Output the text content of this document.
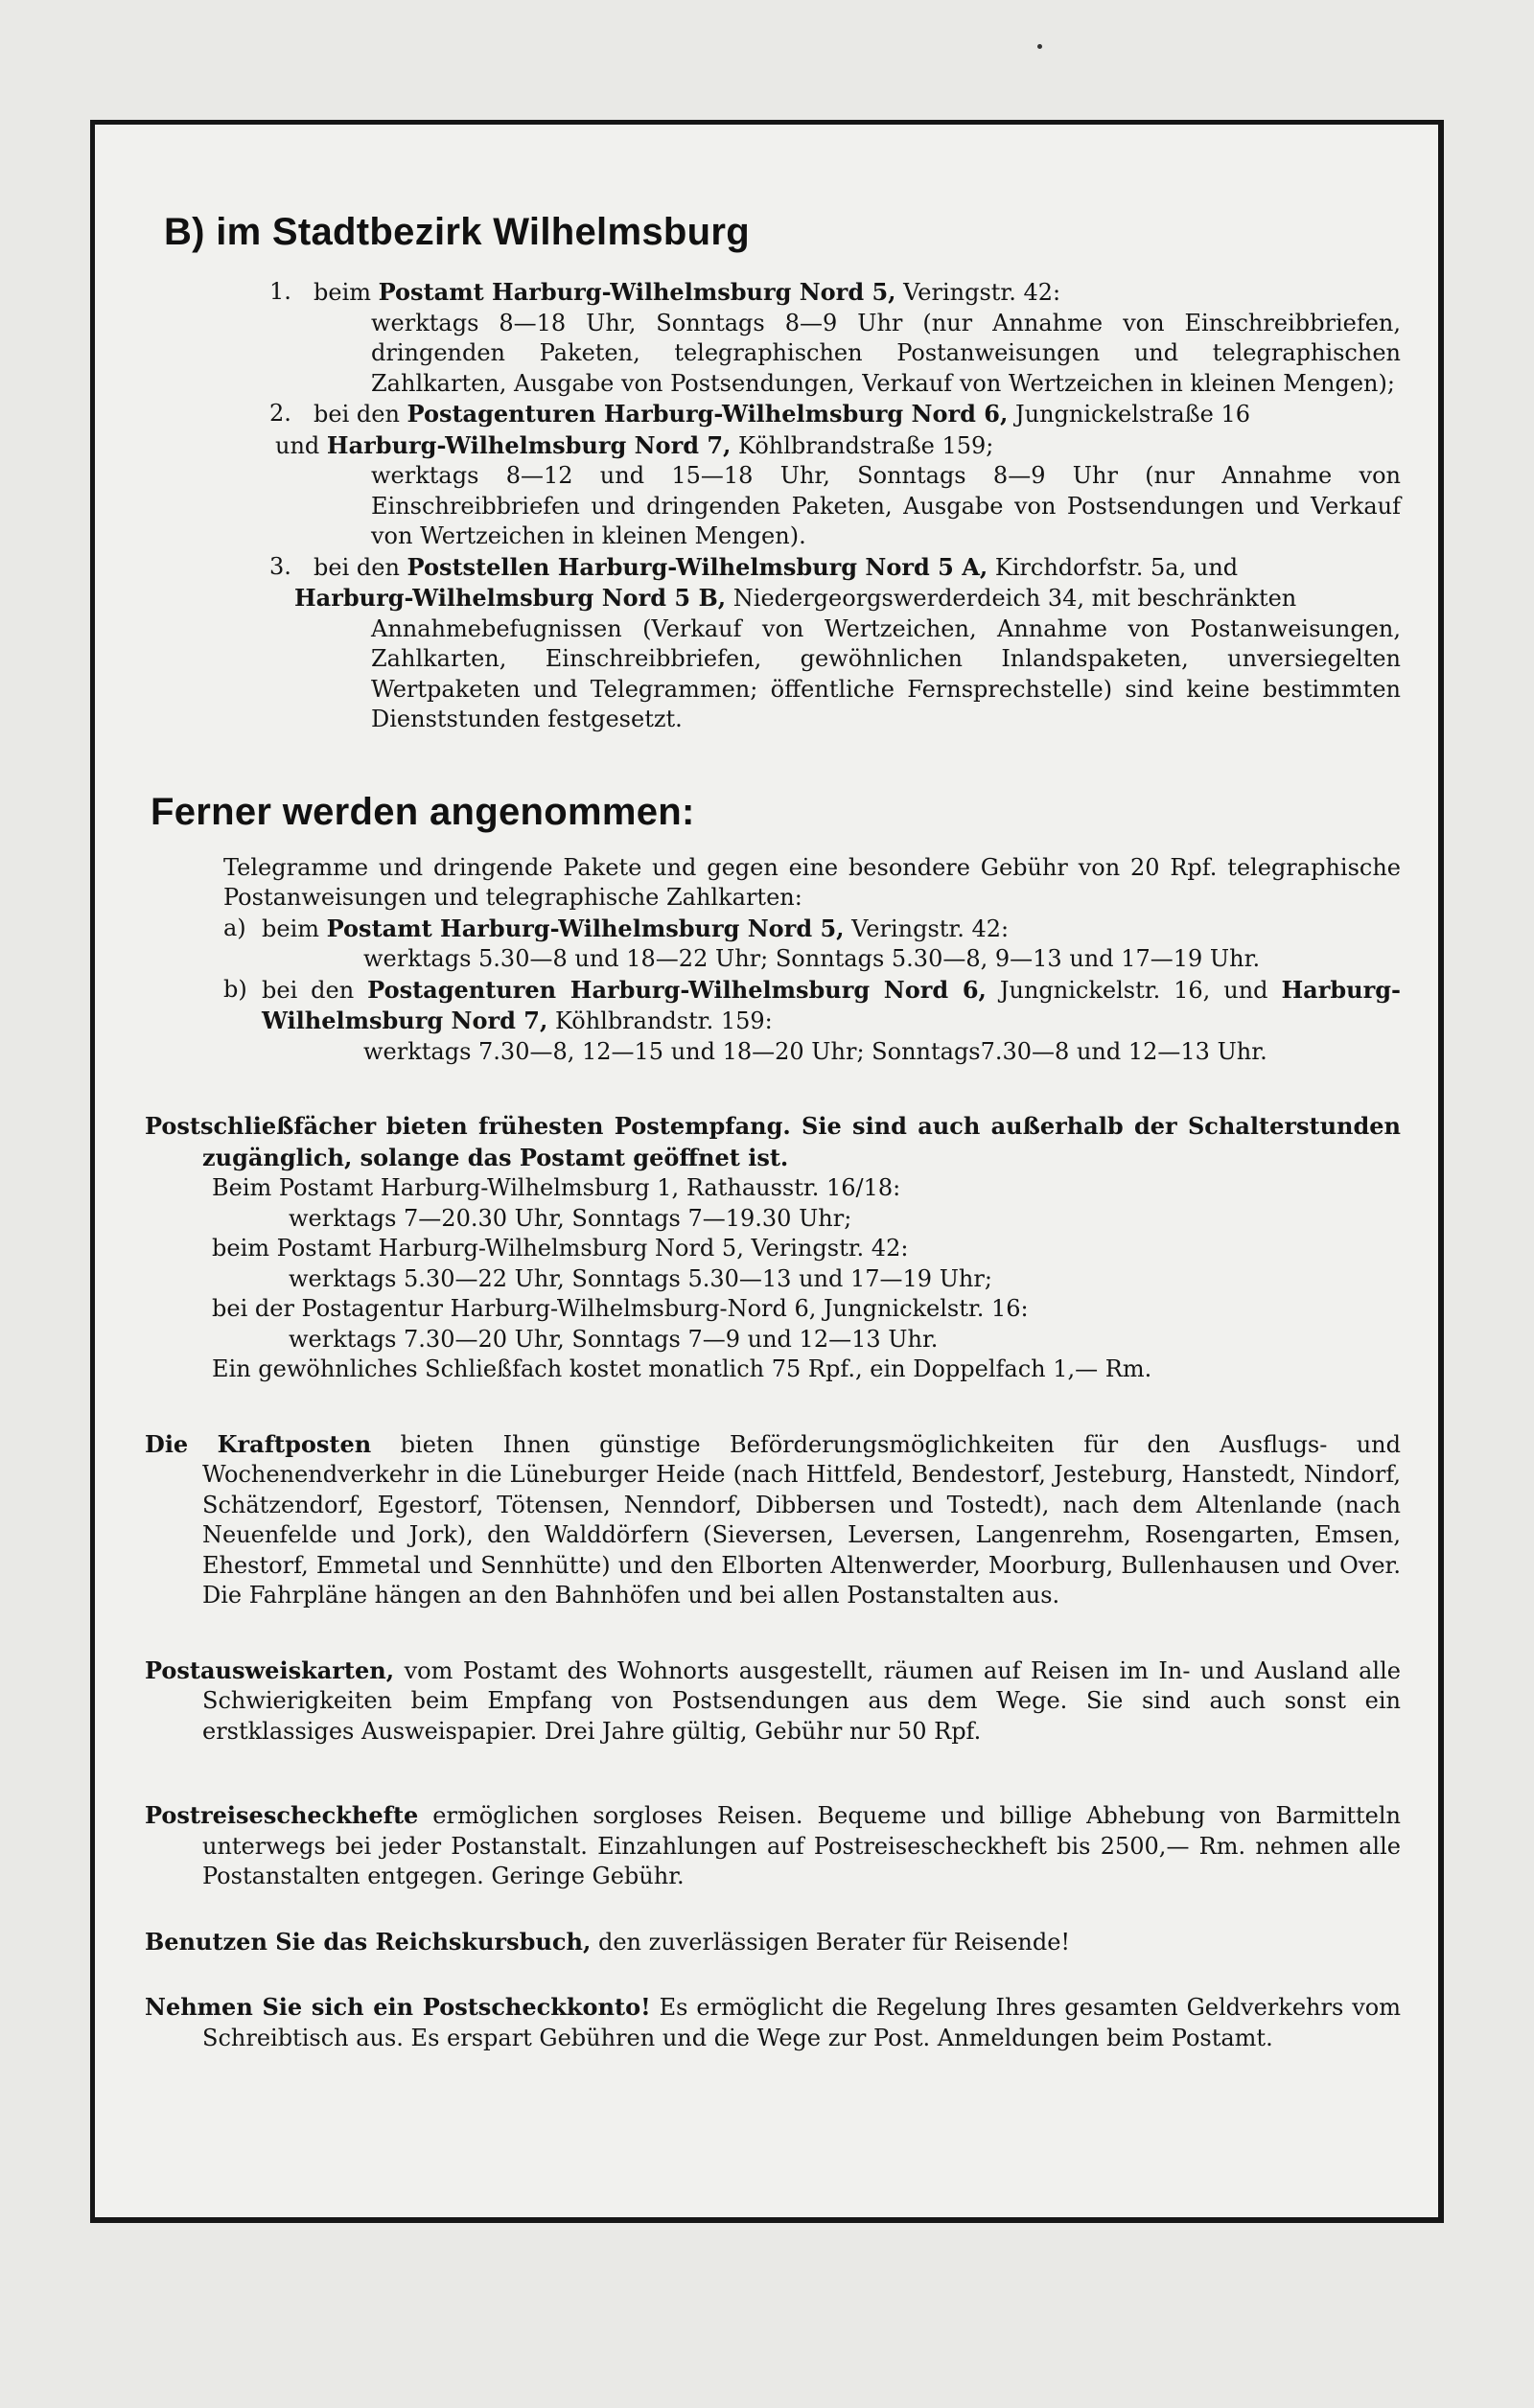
B) im Stadtbezirk Wilhelmsburg
1. beim Postamt Harburg-Wilhelmsburg Nord 5, Veringstr. 42:
werktags 8—18 Uhr, Sonntags 8—9 Uhr (nur Annahme von Einschreibbriefen, dringenden Paketen, telegraphischen Postanweisungen und telegraphischen Zahlkarten, Ausgabe von Postsendungen, Verkauf von Wertzeichen in kleinen Mengen);
2. bei den Postagenturen Harburg-Wilhelmsburg Nord 6, Jungnickelstraße 16
und Harburg-Wilhelmsburg Nord 7, Köhlbrandstraße 159;
werktags 8—12 und 15—18 Uhr, Sonntags 8—9 Uhr (nur Annahme von Einschreibbriefen und dringenden Paketen, Ausgabe von Postsendungen und Verkauf von Wertzeichen in kleinen Mengen).
3. bei den Poststellen Harburg-Wilhelmsburg Nord 5 A, Kirchdorfstr. 5a, und
Harburg-Wilhelmsburg Nord 5 B, Niedergeorgswerderdeich 34, mit beschränkten
Annahmebefugnissen (Verkauf von Wertzeichen, Annahme von Postanweisungen, Zahlkarten, Einschreibbriefen, gewöhnlichen Inlandspaketen, unversiegelten Wertpaketen und Telegrammen; öffentliche Fernsprechstelle) sind keine bestimmten Dienststunden festgesetzt.
Ferner werden angenommen:
Telegramme und dringende Pakete und gegen eine besondere Gebühr von 20 Rpf. telegraphische Postanweisungen und telegraphische Zahlkarten:
a) beim Postamt Harburg-Wilhelmsburg Nord 5, Veringstr. 42:
werktags 5.30—8 und 18—22 Uhr; Sonntags 5.30—8, 9—13 und 17—19 Uhr.
b) bei den Postagenturen Harburg-Wilhelmsburg Nord 6, Jungnickelstr. 16, und Harburg-Wilhelmsburg Nord 7, Köhlbrandstr. 159:
werktags 7.30—8, 12—15 und 18—20 Uhr; Sonntags7.30—8 und 12—13 Uhr.
Postschließfächer bieten frühesten Postempfang. Sie sind auch außerhalb der Schalterstunden zugänglich, solange das Postamt geöffnet ist.
Beim Postamt Harburg-Wilhelmsburg 1, Rathausstr. 16/18:
werktags 7—20.30 Uhr, Sonntags 7—19.30 Uhr;
beim Postamt Harburg-Wilhelmsburg Nord 5, Veringstr. 42:
werktags 5.30—22 Uhr, Sonntags 5.30—13 und 17—19 Uhr;
bei der Postagentur Harburg-Wilhelmsburg-Nord 6, Jungnickelstr. 16:
werktags 7.30—20 Uhr, Sonntags 7—9 und 12—13 Uhr.
Ein gewöhnliches Schließfach kostet monatlich 75 Rpf., ein Doppelfach 1,— Rm.
Die Kraftposten bieten Ihnen günstige Beförderungsmöglichkeiten für den Ausflugs- und Wochenendverkehr in die Lüneburger Heide (nach Hittfeld, Bendestorf, Jesteburg, Hanstedt, Nindorf, Schätzendorf, Egestorf, Tötensen, Nenndorf, Dibbersen und Tostedt), nach dem Altenlande (nach Neuenfelde und Jork), den Walddörfern (Sieversen, Leversen, Langenrehm, Rosengarten, Emsen, Ehestorf, Emmetal und Sennhütte) und den Elborten Altenwerder, Moorburg, Bullenhausen und Over. Die Fahrpläne hängen an den Bahnhöfen und bei allen Postanstalten aus.
Postausweiskarten, vom Postamt des Wohnorts ausgestellt, räumen auf Reisen im In- und Ausland alle Schwierigkeiten beim Empfang von Postsendungen aus dem Wege. Sie sind auch sonst ein erstklassiges Ausweispapier. Drei Jahre gültig, Gebühr nur 50 Rpf.
Postreisescheckhefte ermöglichen sorgloses Reisen. Bequeme und billige Abhebung von Barmitteln unterwegs bei jeder Postanstalt. Einzahlungen auf Postreisescheckheft bis 2500,— Rm. nehmen alle Postanstalten entgegen. Geringe Gebühr.
Benutzen Sie das Reichskursbuch, den zuverlässigen Berater für Reisende!
Nehmen Sie sich ein Postscheckkonto! Es ermöglicht die Regelung Ihres gesamten Geldverkehrs vom Schreibtisch aus. Es erspart Gebühren und die Wege zur Post. Anmeldungen beim Postamt.
